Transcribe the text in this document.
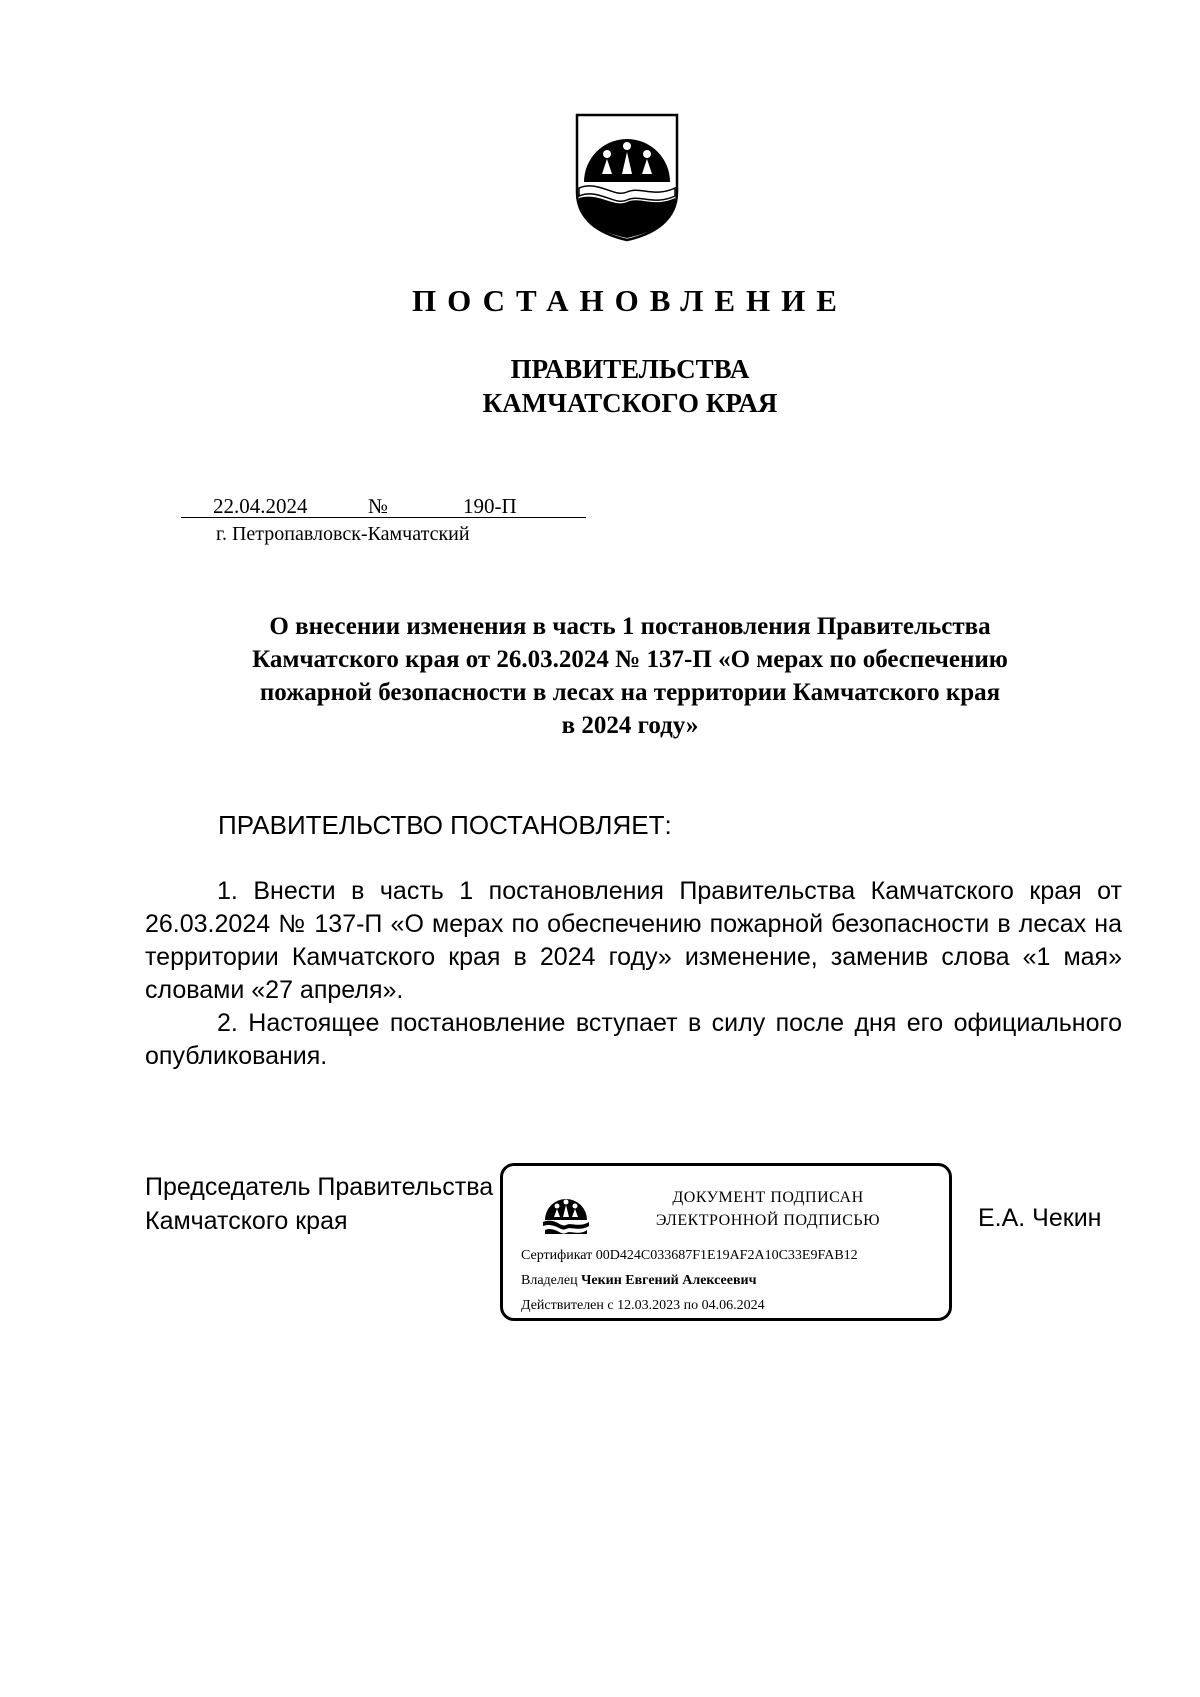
ПОСТАНОВЛЕНИЕ
ПРАВИТЕЛЬСТВА
КАМЧАТСКОГО КРАЯ
22.04.2024	№	190-П
г. Петропавловск-Камчатский
О внесении изменения в часть 1 постановления Правительства
Камчатского края от 26.03.2024 № 137-П «О мерах по обеспечению
пожарной безопасности в лесах на территории Камчатского края
в 2024 году»
ПРАВИТЕЛЬСТВО ПОСТАНОВЛЯЕТ:

1. Внести в часть 1 постановления Правительства Камчатского края от 26.03.2024 № 137-П «О мерах по обеспечению пожарной безопасности в лесах на территории Камчатского края в 2024 году» изменение, заменив слова «1 мая» словами «27 апреля».

2. Настоящее постановление вступает в силу после дня его официального опубликования.

Председатель Правительства
Камчатского края
ДОКУМЕНТ ПОДПИСАН
ЭЛЕКТРОННОЙ ПОДПИСЬЮ
Сертификат 00D424C033687F1E19AF2A10C33E9FAB12
Владелец Чекин Евгений Алексеевич
Действителен с 12.03.2023 по 04.06.2024
Е.А. Чекин
